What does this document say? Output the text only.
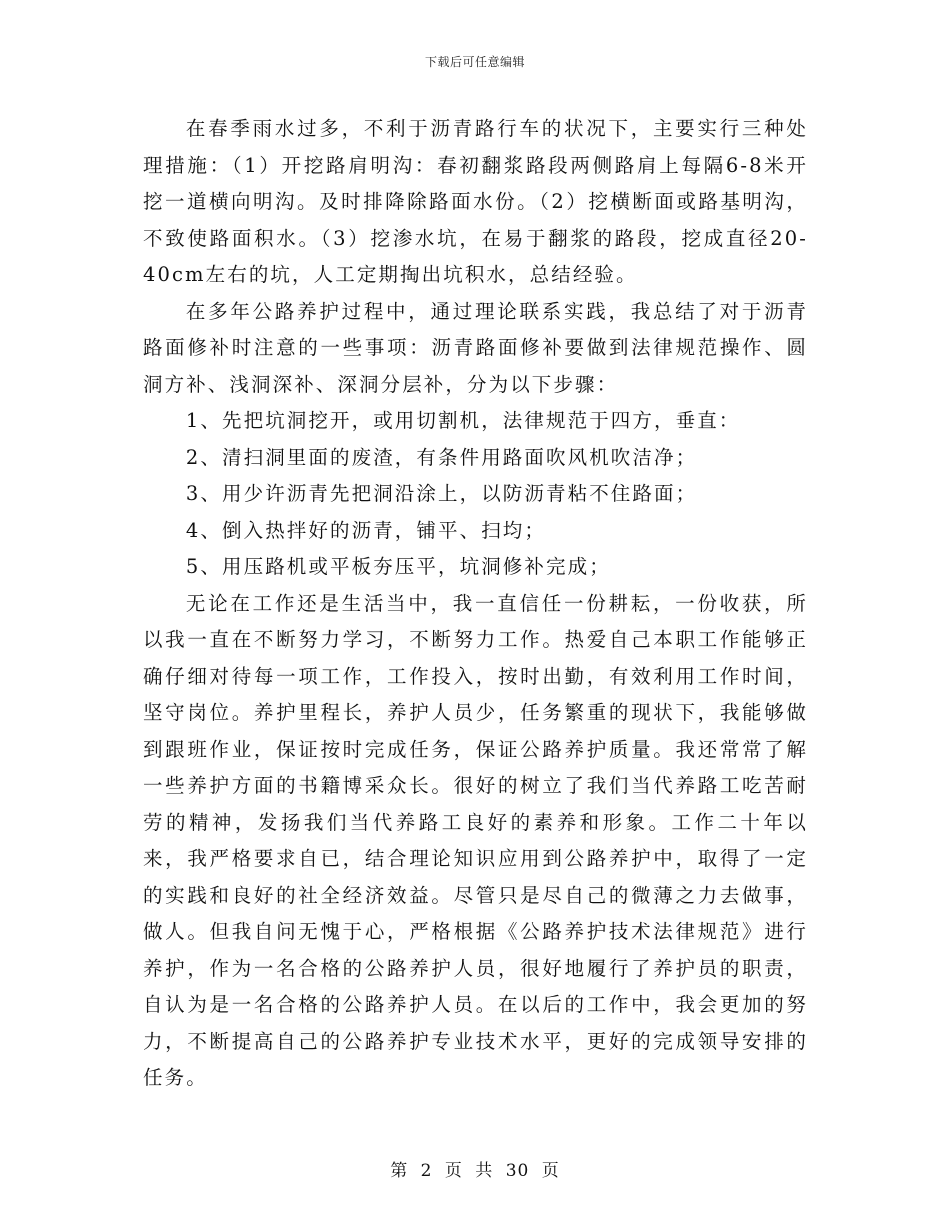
下载后可任意编辑

在春季雨水过多，不利于沥青路行车的状况下，主要实行三种处理措施：（1）开挖路肩明沟：春初翻浆路段两侧路肩上每隔6-8米开挖一道横向明沟。及时排降除路面水份。（2）挖横断面或路基明沟，不致使路面积水。（3）挖渗水坑，在易于翻浆的路段，挖成直径20-40cm左右的坑，人工定期掏出坑积水，总结经验。

在多年公路养护过程中，通过理论联系实践，我总结了对于沥青路面修补时注意的一些事项：沥青路面修补要做到法律规范操作、圆洞方补、浅洞深补、深洞分层补，分为以下步骤：

1、先把坑洞挖开，或用切割机，法律规范于四方，垂直：

2、清扫洞里面的废渣，有条件用路面吹风机吹洁净；

3、用少许沥青先把洞沿涂上，以防沥青粘不住路面；

4、倒入热拌好的沥青，铺平、扫均；

5、用压路机或平板夯压平，坑洞修补完成；

无论在工作还是生活当中，我一直信任一份耕耘，一份收获，所以我一直在不断努力学习，不断努力工作。热爱自己本职工作能够正确仔细对待每一项工作，工作投入，按时出勤，有效利用工作时间，坚守岗位。养护里程长，养护人员少，任务繁重的现状下，我能够做到跟班作业，保证按时完成任务，保证公路养护质量。我还常常了解一些养护方面的书籍博采众长。很好的树立了我们当代养路工吃苦耐劳的精神，发扬我们当代养路工良好的素养和形象。工作二十年以来，我严格要求自已，结合理论知识应用到公路养护中，取得了一定的实践和良好的社全经济效益。尽管只是尽自己的微薄之力去做事，做人。但我自问无愧于心，严格根据《公路养护技术法律规范》进行养护，作为一名合格的公路养护人员，很好地履行了养护员的职责，自认为是一名合格的公路养护人员。在以后的工作中，我会更加的努力，不断提高自己的公路养护专业技术水平，更好的完成领导安排的任务。

第 2 页 共 30 页
